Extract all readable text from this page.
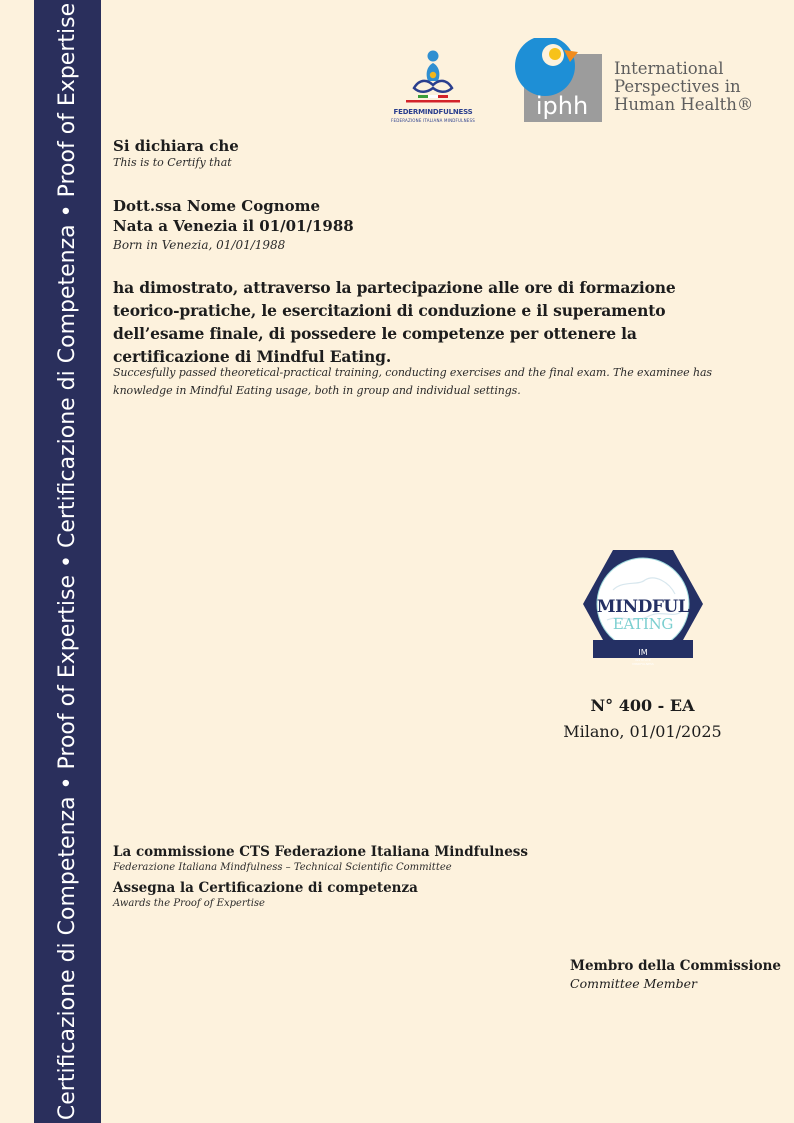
Certificazione di Competenza • Proof of Expertise • Certificazione di Competenza • Proof of Expertise	FEDERMINDFULNESS
FEDERAZIONE ITALIANA MINDFULNESS
iphh
International
Perspectives in
Human Health®
Si dichiara che
This is to Certify that
Dott.ssa Nome Cognome
Nata a Venezia il 01/01/1988
Born in Venezia, 01/01/1988
ha dimostrato, attraverso la partecipazione alle ore di formazione teorico-pratiche, le esercitazioni di conduzione e il superamento dell’esame finale, di possedere le competenze per ottenere la certificazione di Mindful Eating.
Succesfully passed theoretical-practical training, conducting exercises and the final exam. The examinee has knowledge in Mindful Eating usage, both in group and individual settings.
MINDFUL
EATING
IM
INSTITUTE MINDFULNESS
N° 400 - EA
Milano, 01/01/2025
La commissione CTS Federazione Italiana Mindfulness
Federazione Italiana Mindfulness – Technical Scientific Committee
Assegna la Certificazione di competenza
Awards the Proof of Expertise
Membro della Commissione
Committee Member
